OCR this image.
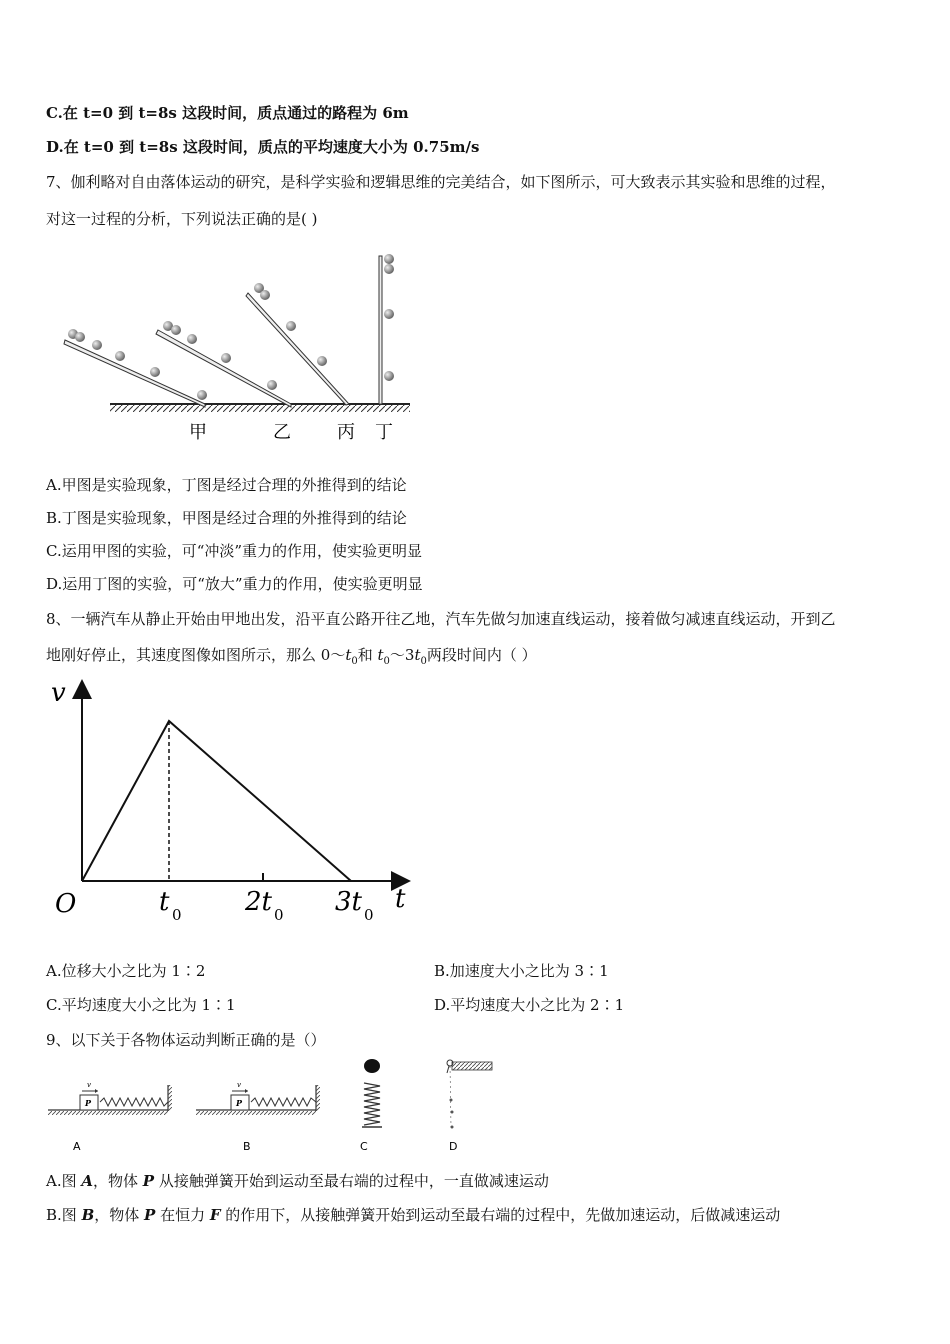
C.在 t=0 到 t=8s 这段时间，质点通过的路程为 6m
D.在 t=0 到 t=8s 这段时间，质点的平均速度大小为 0.75m/s
7、伽利略对自由落体运动的研究，是科学实验和逻辑思维的完美结合，如下图所示，可大致表示其实验和思维的过程，
对这一过程的分析，下列说法正确的是( )
甲	乙	丙 丁
A.甲图是实验现象，丁图是经过合理的外推得到的结论
B.丁图是实验现象，甲图是经过合理的外推得到的结论
C.运用甲图的实验，可“冲淡”重力的作用，使实验更明显
D.运用丁图的实验，可“放大”重力的作用，使实验更明显
8、一辆汽车从静止开始由甲地出发，沿平直公路开往乙地，汽车先做匀加速直线运动，接着做匀减速直线运动，开到乙
地刚好停止，其速度图像如图所示，那么 $0\sim t_0$和 $t_0\sim 3t_0$两段时间内（ ）
v
t
O	t 0 2t 0 3t 0
A.位移大小之比为 1∶2	B.加速度大小之比为 3∶1
C.平均速度大小之比为 1∶1	D.平均速度大小之比为 2∶1
9、以下关于各物体运动判断正确的是（）
P
v
A
P
v
B	C	D
A.图 A，物体 P 从接触弹簧开始到运动至最右端的过程中，一直做减速运动
B.图 B，物体 P 在恒力 F 的作用下，从接触弹簧开始到运动至最右端的过程中，先做加速运动，后做减速运动
